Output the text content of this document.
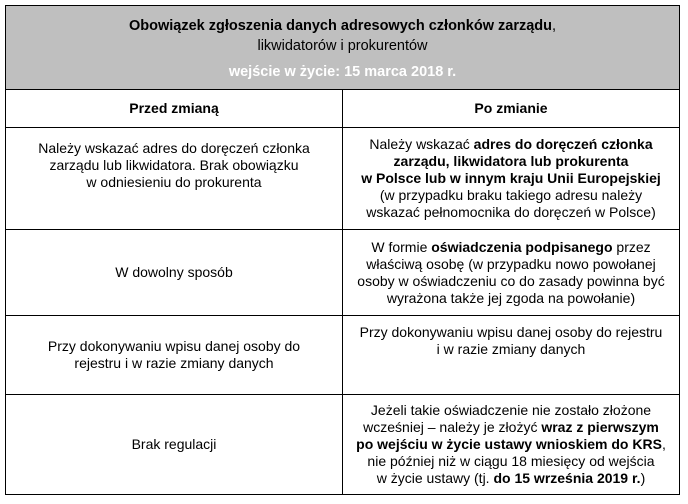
Obowiązek zgłoszenia danych adresowych członków zarządu,
likwidatorów i prokurentów
wejście w życie: 15 marca 2018 r.
Przed zmianą	Po zmianie
Należy wskazać adres do doręczeń członka
zarządu lub likwidatora. Brak obowiązku
w odniesieniu do prokurenta
Należy wskazać adres do doręczeń członka
zarządu, likwidatora lub prokurenta
w Polsce lub w innym kraju Unii Europejskiej
(w przypadku braku takiego adresu należy
wskazać pełnomocnika do doręczeń w Polsce)
W dowolny sposób
W formie oświadczenia podpisanego przez
właściwą osobę (w przypadku nowo powołanej
osoby w oświadczeniu co do zasady powinna być
wyrażona także jej zgoda na powołanie)
Przy dokonywaniu wpisu danej osoby do
rejestru i w razie zmiany danych
Przy dokonywaniu wpisu danej osoby do rejestru
i w razie zmiany danych
Brak regulacji
Jeżeli takie oświadczenie nie zostało złożone
wcześniej – należy je złożyć wraz z pierwszym
po wejściu w życie ustawy wnioskiem do KRS,
nie później niż w ciągu 18 miesięcy od wejścia
w życie ustawy (tj. do 15 września 2019 r.)
